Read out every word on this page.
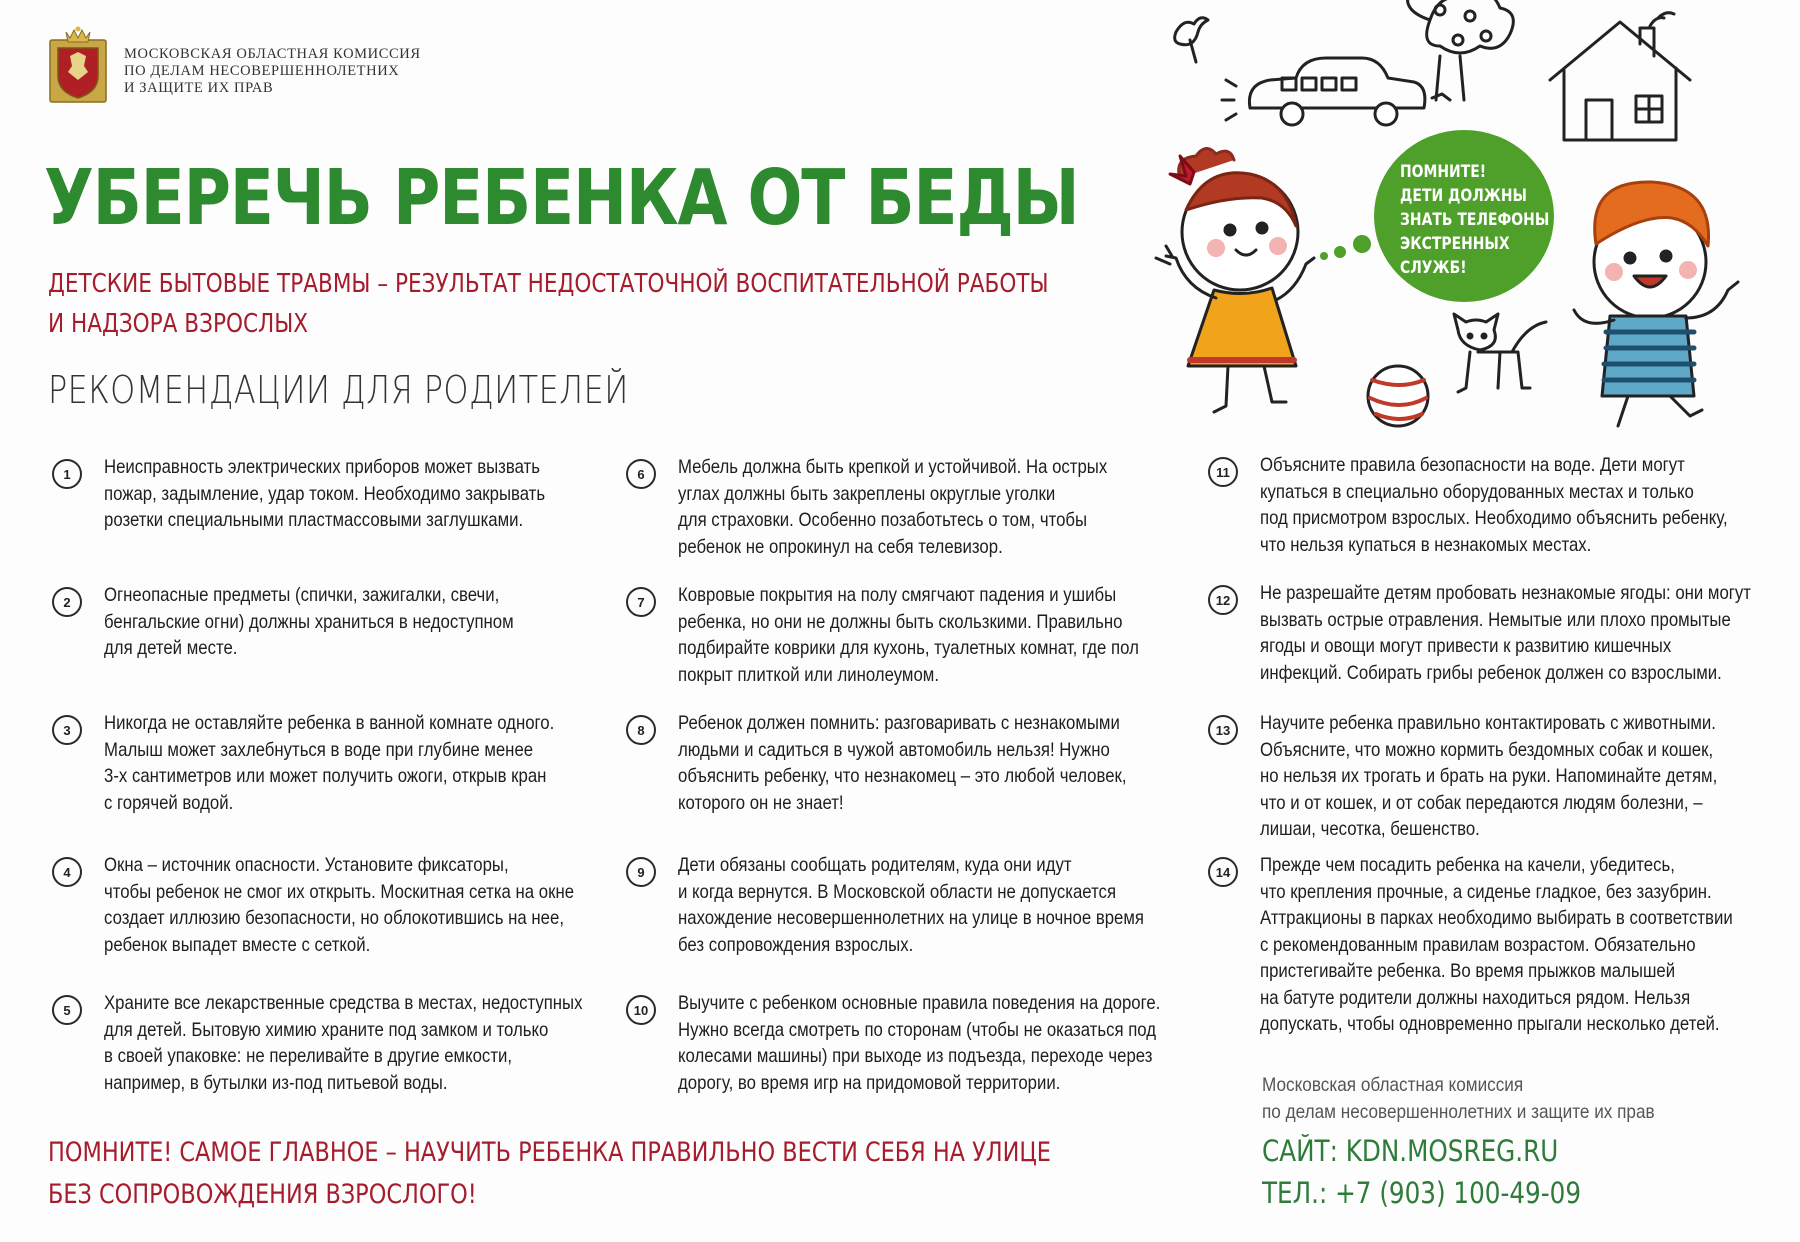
МОСКОВСКАЯ ОБЛАСТНАЯ КОМИССИЯ
ПО ДЕЛАМ НЕСОВЕРШЕННОЛЕТНИХ
И ЗАЩИТЕ ИХ ПРАВ
УБЕРЕЧЬ РЕБЕНКА ОТ БЕДЫ
ДЕТСКИЕ БЫТОВЫЕ ТРАВМЫ – РЕЗУЛЬТАТ НЕДОСТАТОЧНОЙ ВОСПИТАТЕЛЬНОЙ РАБОТЫ
И НАДЗОРА ВЗРОСЛЫХ
РЕКОМЕНДАЦИИ ДЛЯ РОДИТЕЛЕЙ
ПОМНИТЕ!
ДЕТИ ДОЛЖНЫ
ЗНАТЬ ТЕЛЕФОНЫ
ЭКСТРЕННЫХ
СЛУЖБ!
1	Неисправность электрических приборов может вызвать
пожар, задымление, удар током. Необходимо закрывать
розетки специальными пластмассовыми заглушками.
2	Огнеопасные предметы (спички, зажигалки, свечи,
бенгальские огни) должны храниться в недоступном
для детей месте.
3	Никогда не оставляйте ребенка в ванной комнате одного.
Малыш может захлебнуться в воде при глубине менее
3-х сантиметров или может получить ожоги, открыв кран
с горячей водой.
4	Окна – источник опасности. Установите фиксаторы,
чтобы ребенок не смог их открыть. Москитная сетка на окне
создает иллюзию безопасности, но облокотившись на нее,
ребенок выпадет вместе с сеткой.
5	Храните все лекарственные средства в местах, недоступных
для детей. Бытовую химию храните под замком и только
в своей упаковке: не переливайте в другие емкости,
например, в бутылки из-под питьевой воды.
6	Мебель должна быть крепкой и устойчивой. На острых
углах должны быть закреплены округлые уголки
для страховки. Особенно позаботьтесь о том, чтобы
ребенок не опрокинул на себя телевизор.
7	Ковровые покрытия на полу смягчают падения и ушибы
ребенка, но они не должны быть скользкими. Правильно
подбирайте коврики для кухонь, туалетных комнат, где пол
покрыт плиткой или линолеумом.
8	Ребенок должен помнить: разговаривать с незнакомыми
людьми и садиться в чужой автомобиль нельзя! Нужно
объяснить ребенку, что незнакомец – это любой человек,
которого он не знает!
9	Дети обязаны сообщать родителям, куда они идут
и когда вернутся. В Московской области не допускается
нахождение несовершеннолетних на улице в ночное время
без сопровождения взрослых.
10	Выучите с ребенком основные правила поведения на дороге.
Нужно всегда смотреть по сторонам (чтобы не оказаться под
колесами машины) при выходе из подъезда, переходе через
дорогу, во время игр на придомовой территории.
11	Объясните правила безопасности на воде. Дети могут
купаться в специально оборудованных местах и только
под присмотром взрослых. Необходимо объяснить ребенку,
что нельзя купаться в незнакомых местах.
12	Не разрешайте детям пробовать незнакомые ягоды: они могут
вызвать острые отравления. Немытые или плохо промытые
ягоды и овощи могут привести к развитию кишечных
инфекций. Собирать грибы ребенок должен со взрослыми.
13	Научите ребенка правильно контактировать с животными.
Объясните, что можно кормить бездомных собак и кошек,
но нельзя их трогать и брать на руки. Напоминайте детям,
что и от кошек, и от собак передаются людям болезни, –
лишаи, чесотка, бешенство.
14	Прежде чем посадить ребенка на качели, убедитесь,
что крепления прочные, а сиденье гладкое, без зазубрин.
Аттракционы в парках необходимо выбирать в соответствии
с рекомендованным правилам возрастом. Обязательно
пристегивайте ребенка. Во время прыжков малышей
на батуте родители должны находиться рядом. Нельзя
допускать, чтобы одновременно прыгали несколько детей.
ПОМНИТЕ! САМОЕ ГЛАВНОЕ – НАУЧИТЬ РЕБЕНКА ПРАВИЛЬНО ВЕСТИ СЕБЯ НА УЛИЦЕ
БЕЗ СОПРОВОЖДЕНИЯ ВЗРОСЛОГО!
Московская областная комиссия
по делам несовершеннолетних и защите их прав
САЙТ: KDN.MOSREG.RU
ТЕЛ.: +7 (903) 100-49-09
